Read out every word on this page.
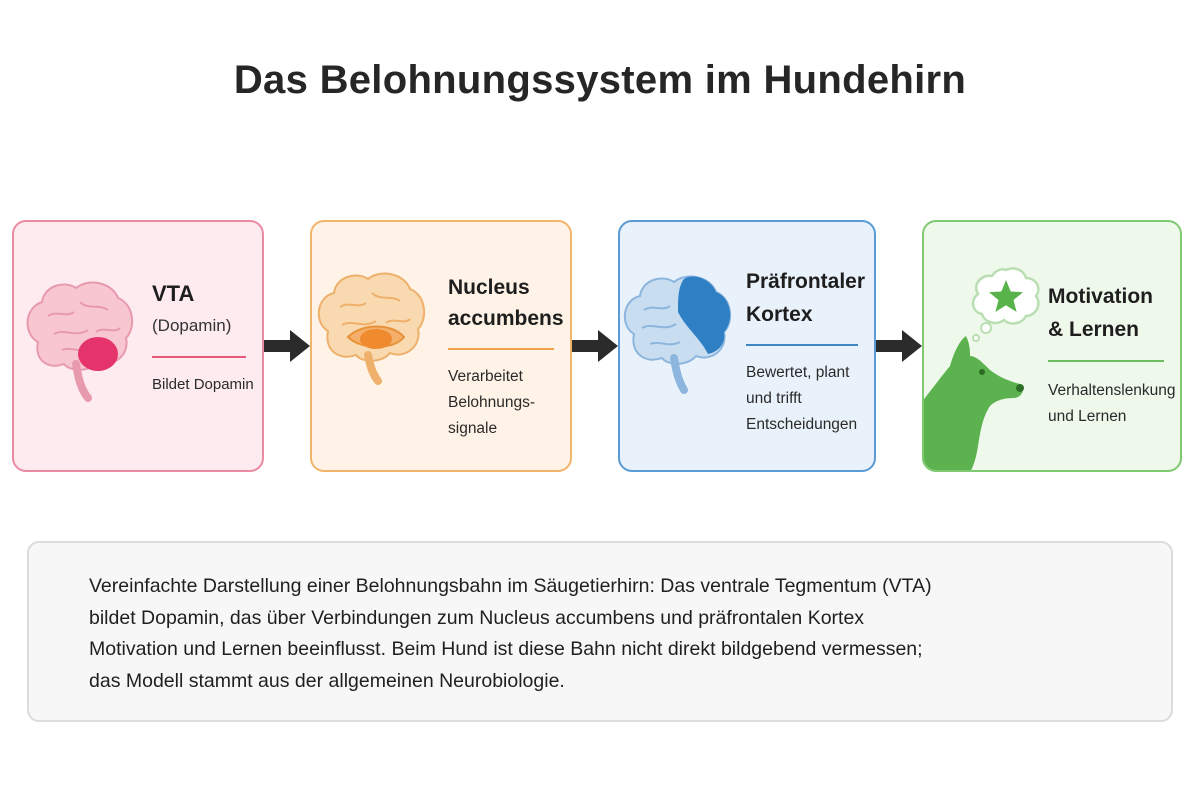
Das Belohnungssystem im Hundehirn
VTA
(Dopamin)
Bildet Dopamin
Nucleus
accumbens
Verarbeitet
Belohnungs-
signale
Präfrontaler
Kortex
Bewertet, plant
und trifft
Entscheidungen
Motivation
& Lernen
Verhaltenslenkung
und Lernen

Vereinfachte Darstellung einer Belohnungsbahn im Säugetierhirn: Das ventrale Tegmentum (VTA)
bildet Dopamin, das über Verbindungen zum Nucleus accumbens und präfrontalen Kortex
Motivation und Lernen beeinflusst. Beim Hund ist diese Bahn nicht direkt bildgebend vermessen;
das Modell stammt aus der allgemeinen Neurobiologie.
